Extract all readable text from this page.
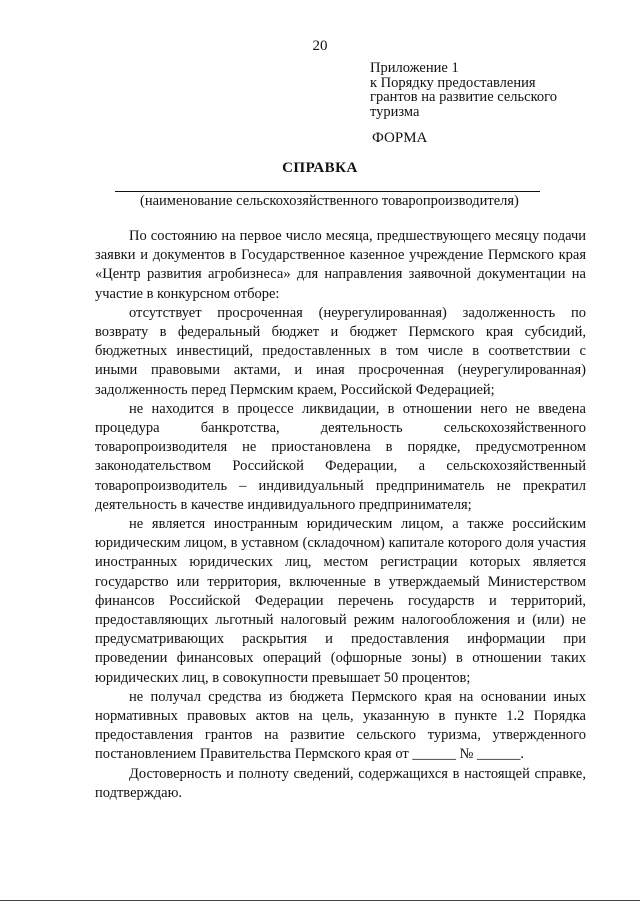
20
Приложение 1
к Порядку предоставления
грантов на развитие сельского
туризма
ФОРМА
СПРАВКА
(наименование сельскохозяйственного товаропроизводителя)

По состоянию на первое число месяца, предшествующего месяцу подачи заявки и документов в Государственное казенное учреждение Пермского края «Центр развития агробизнеса» для направления заявочной документации на участие в конкурсном отборе:

отсутствует просроченная (неурегулированная) задолженность по возврату в федеральный бюджет и бюджет Пермского края субсидий, бюджетных инвестиций, предоставленных в том числе в соответствии с иными правовыми актами, и иная просроченная (неурегулированная) задолженность перед Пермским краем, Российской Федерацией;

не находится в процессе ликвидации, в отношении него не введена процедура банкротства, деятельность сельскохозяйственного товаропроизводителя не приостановлена в порядке, предусмотренном законодательством Российской Федерации, а сельскохозяйственный товаропроизводитель – индивидуальный предприниматель не прекратил деятельность в качестве индивидуального предпринимателя;

не является иностранным юридическим лицом, а также российским юридическим лицом, в уставном (складочном) капитале которого доля участия иностранных юридических лиц, местом регистрации которых является государство или территория, включенные в утверждаемый Министерством финансов Российской Федерации перечень государств и территорий, предоставляющих льготный налоговый режим налогообложения и (или) не предусматривающих раскрытия и предоставления информации при проведении финансовых операций (офшорные зоны) в отношении таких юридических лиц, в совокупности превышает 50 процентов;

не получал средства из бюджета Пермского края на основании иных нормативных правовых актов на цель, указанную в пункте 1.2 Порядка предоставления грантов на развитие сельского туризма, утвержденного постановлением Правительства Пермского края от ______ № ______.

Достоверность и полноту сведений, содержащихся в настоящей справке, подтверждаю.
